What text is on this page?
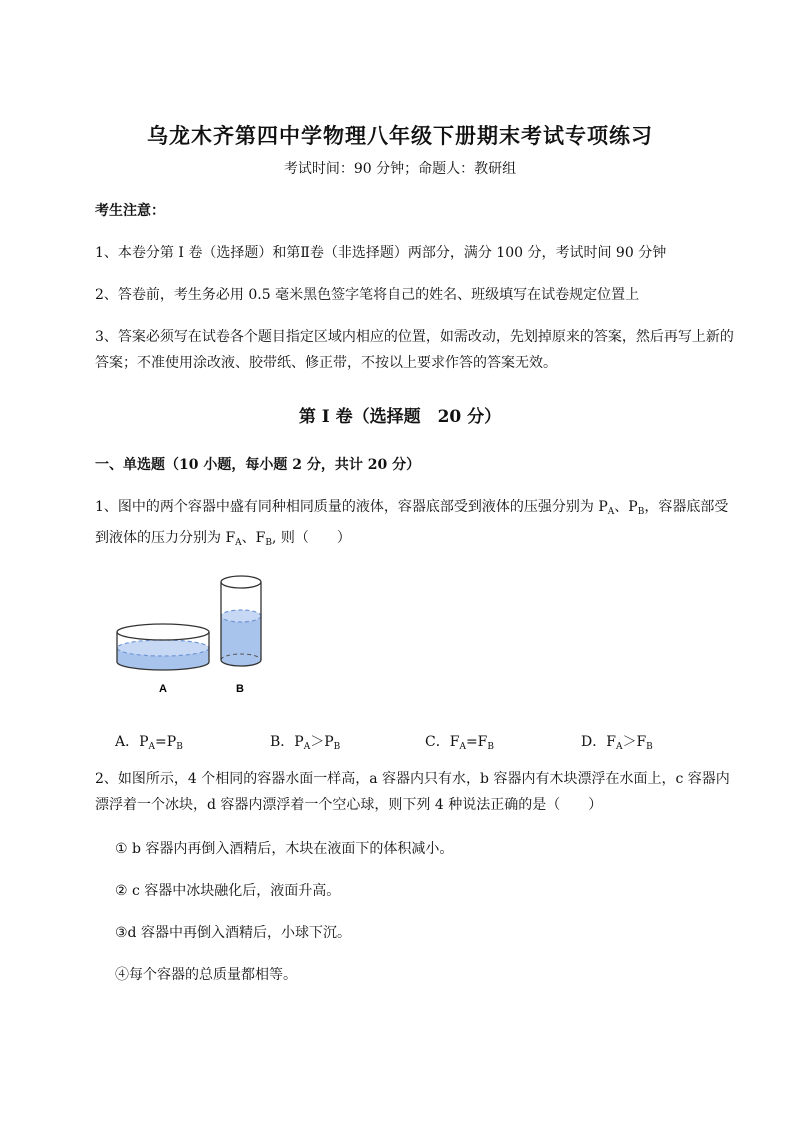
乌龙木齐第四中学物理八年级下册期末考试专项练习
考试时间：90 分钟；命题人：教研组
考生注意：
1、本卷分第 I 卷（选择题）和第Ⅱ卷（非选择题）两部分，满分 100 分，考试时间 90 分钟
2、答卷前，考生务必用 0.5 毫米黑色签字笔将自己的姓名、班级填写在试卷规定位置上
3、答案必须写在试卷各个题目指定区域内相应的位置，如需改动，先划掉原来的答案，然后再写上新的答案；不准使用涂改液、胶带纸、修正带，不按以上要求作答的答案无效。
第 I 卷（选择题　20 分）
一、单选题（10 小题，每小题 2 分，共计 20 分）
1、图中的两个容器中盛有同种相同质量的液体，容器底部受到液体的压强分别为 $P_A$、$P_B$，容器底部受
到液体的压力分别为 $F_A$、$F_B$, 则（　　）
A	B
A．$P_A=P_B$	B．$P_A>P_B$	C．$F_A=F_B$	D．$F_A>F_B$
2、如图所示，4 个相同的容器水面一样高，a 容器内只有水，b 容器内有木块漂浮在水面上，c 容器内
漂浮着一个冰块，d 容器内漂浮着一个空心球，则下列 4 种说法正确的是（　　）
① b 容器内再倒入酒精后，木块在液面下的体积减小。
② c 容器中冰块融化后，液面升高。
③d 容器中再倒入酒精后，小球下沉。
④每个容器的总质量都相等。
